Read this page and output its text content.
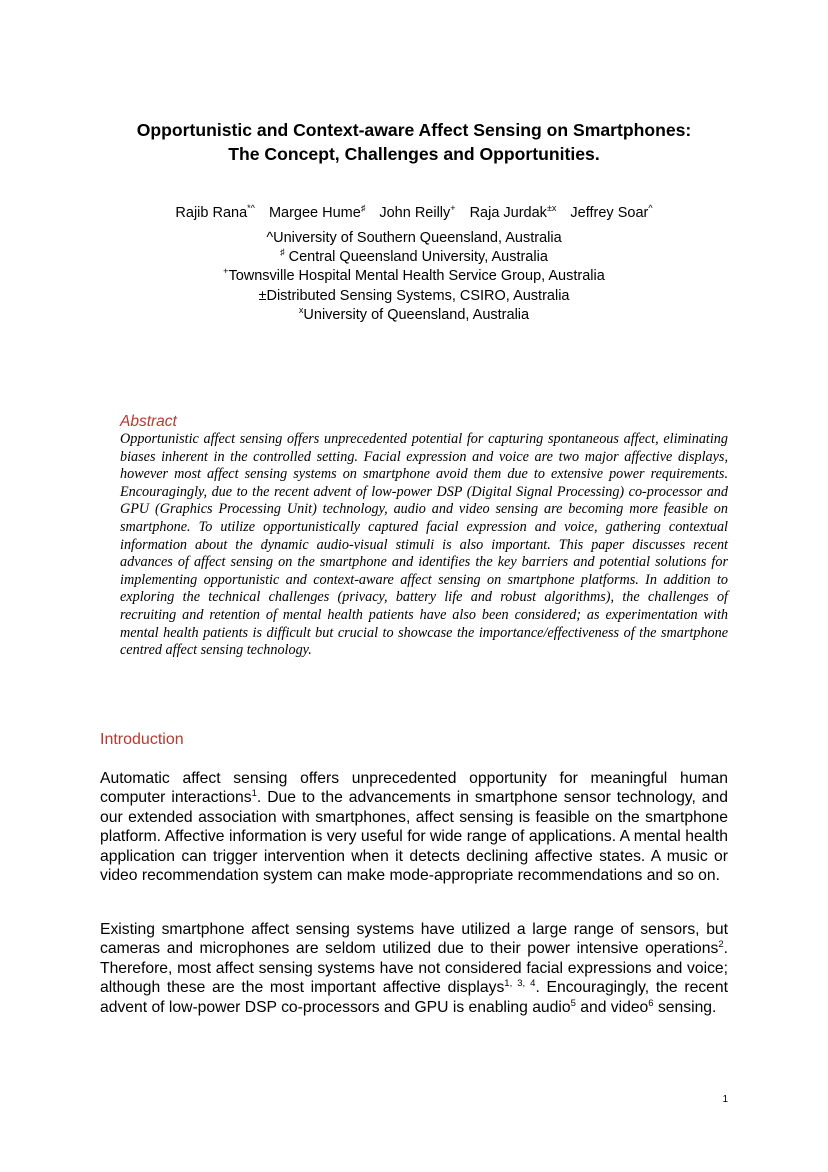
Opportunistic and Context-aware Affect Sensing on Smartphones:
The Concept, Challenges and Opportunities.
Rajib Rana*^ Margee Hume♯ John Reilly+ Raja Jurdak$^{\pm x}$ Jeffrey Soar^
^University of Southern Queensland, Australia
♯ Central Queensland University, Australia
+Townsville Hospital Mental Health Service Group, Australia
±Distributed Sensing Systems, CSIRO, Australia
$^x$University of Queensland, Australia
Abstract
Opportunistic affect sensing offers unprecedented potential for capturing spontaneous affect, eliminating biases inherent in the controlled setting. Facial expression and voice are two major affective displays, however most affect sensing systems on smartphone avoid them due to extensive power requirements. Encouragingly, due to the recent advent of low-power DSP (Digital Signal Processing) co-processor and GPU (Graphics Processing Unit) technology, audio and video sensing are becoming more feasible on smartphone. To utilize opportunistically captured facial expression and voice, gathering contextual information about the dynamic audio-visual stimuli is also important. This paper discusses recent advances of affect sensing on the smartphone and identifies the key barriers and potential solutions for implementing opportunistic and context-aware affect sensing on smartphone platforms. In addition to exploring the technical challenges (privacy, battery life and robust algorithms), the challenges of recruiting and retention of mental health patients have also been considered; as experimentation with mental health patients is difficult but crucial to showcase the importance/effectiveness of the smartphone centred affect sensing technology.
Introduction
Automatic affect sensing offers unprecedented opportunity for meaningful human computer interactions$^1$. Due to the advancements in smartphone sensor technology, and our extended association with smartphones, affect sensing is feasible on the smartphone platform. Affective information is very useful for wide range of applications. A mental health application can trigger intervention when it detects declining affective states. A music or video recommendation system can make mode-appropriate recommendations and so on.
Existing smartphone affect sensing systems have utilized a large range of sensors, but cameras and microphones are seldom utilized due to their power intensive operations$^2$. Therefore, most affect sensing systems have not considered facial expressions and voice; although these are the most important affective displays$^{1, 3, 4}$. Encouragingly, the recent advent of low-power DSP co-processors and GPU is enabling audio$^5$ and video$^6$ sensing.
1
